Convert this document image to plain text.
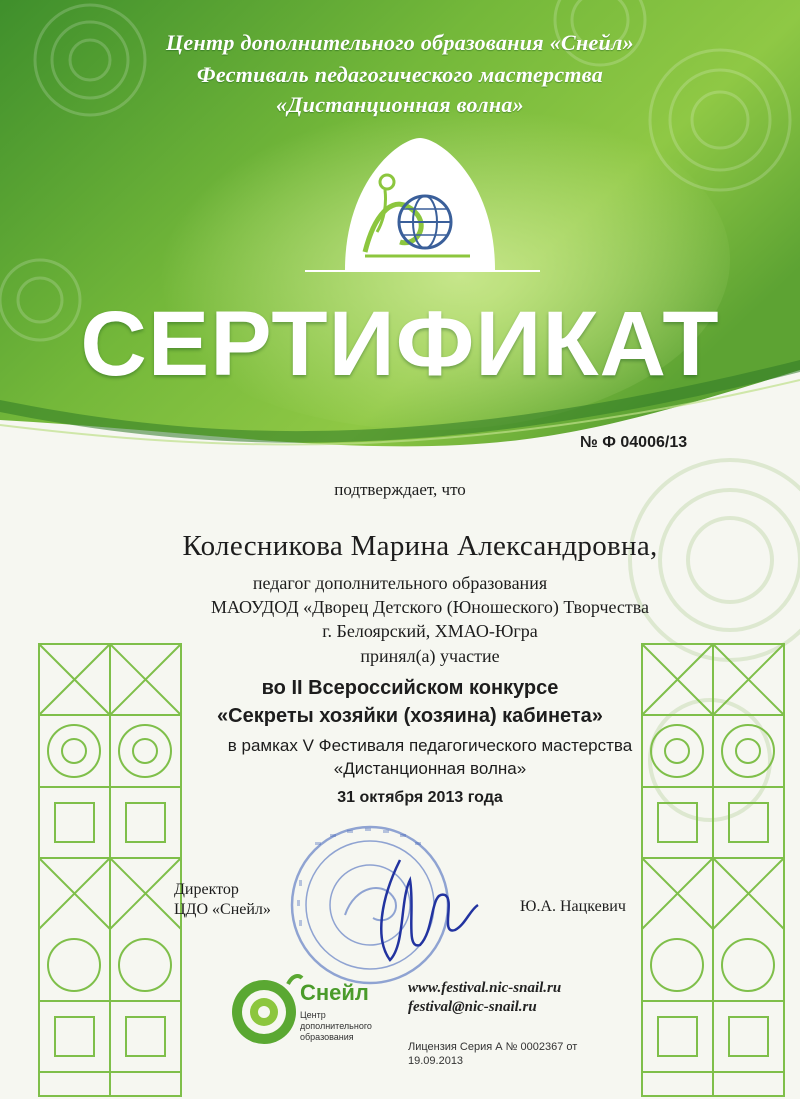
Центр дополнительного образования «Снейл»
Фестиваль педагогического мастерства
«Дистанционная волна»
СЕРТИФИКАТ
№ Ф 04006/13
подтверждает, что
Колесникова Марина Александровна,
педагог дополнительного образования
МАОУДОД «Дворец Детского (Юношеского) Творчества
г. Белоярский, ХМАО-Югра
принял(а) участие
во II Всероссийском конкурсе
«Секреты хозяйки (хозяина) кабинета»
в рамках V Фестиваля педагогического мастерства
«Дистанционная волна»
31 октября 2013 года
Директор
ЦДО «Снейл»	Ю.А. Нацкевич
Снейл
Центр дополнительного образования
www.festival.nic-snail.ru
festival@nic-snail.ru
Лицензия Серия А № 0002367 от 19.09.2013
